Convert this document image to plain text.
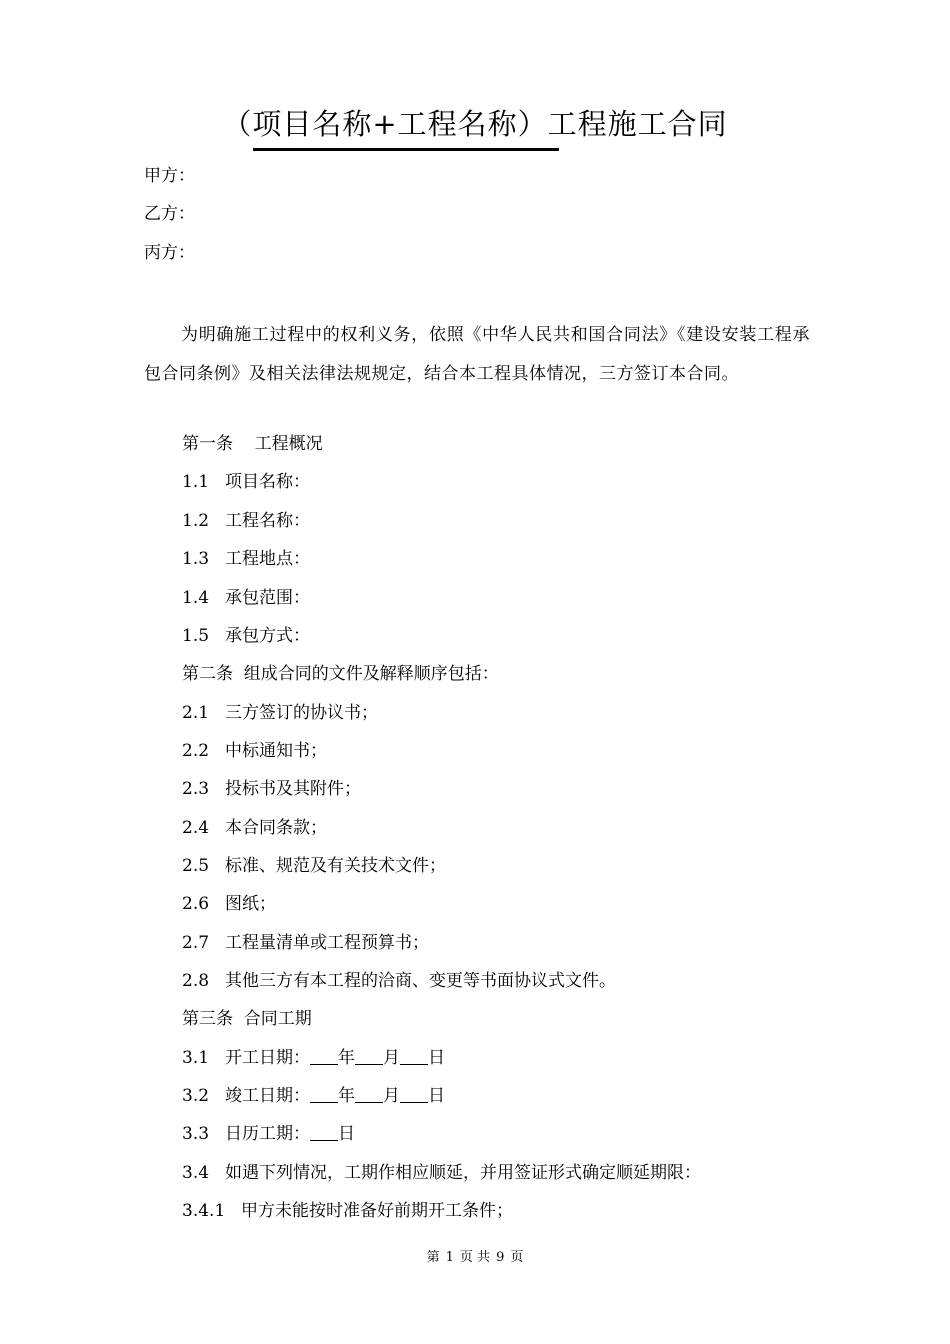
（项目名称+工程名称）工程施工合同
甲方：
乙方：
丙方：

为明确施工过程中的权利义务，依照《中华人民共和国合同法》《建设安装工程承包合同条例》及相关法律法规规定，结合本工程具体情况，三方签订本合同。

第一条    工程概况
1.1 项目名称：
1.2 工程名称：
1.3 工程地点：
1.4 承包范围：
1.5 承包方式：
第二条  组成合同的文件及解释顺序包括：
2.1 三方签订的协议书；
2.2 中标通知书；
2.3 投标书及其附件；
2.4 本合同条款；
2.5 标准、规范及有关技术文件；
2.6 图纸；
2.7 工程量清单或工程预算书；
2.8 其他三方有本工程的洽商、变更等书面协议式文件。
第三条  合同工期
3.1 开工日期： 年 月 日
3.2 竣工日期： 年 月 日
3.3 日历工期： 日
3.4 如遇下列情况，工期作相应顺延，并用签证形式确定顺延期限：
3.4.1 甲方未能按时准备好前期开工条件；
第 1 页 共 9 页
